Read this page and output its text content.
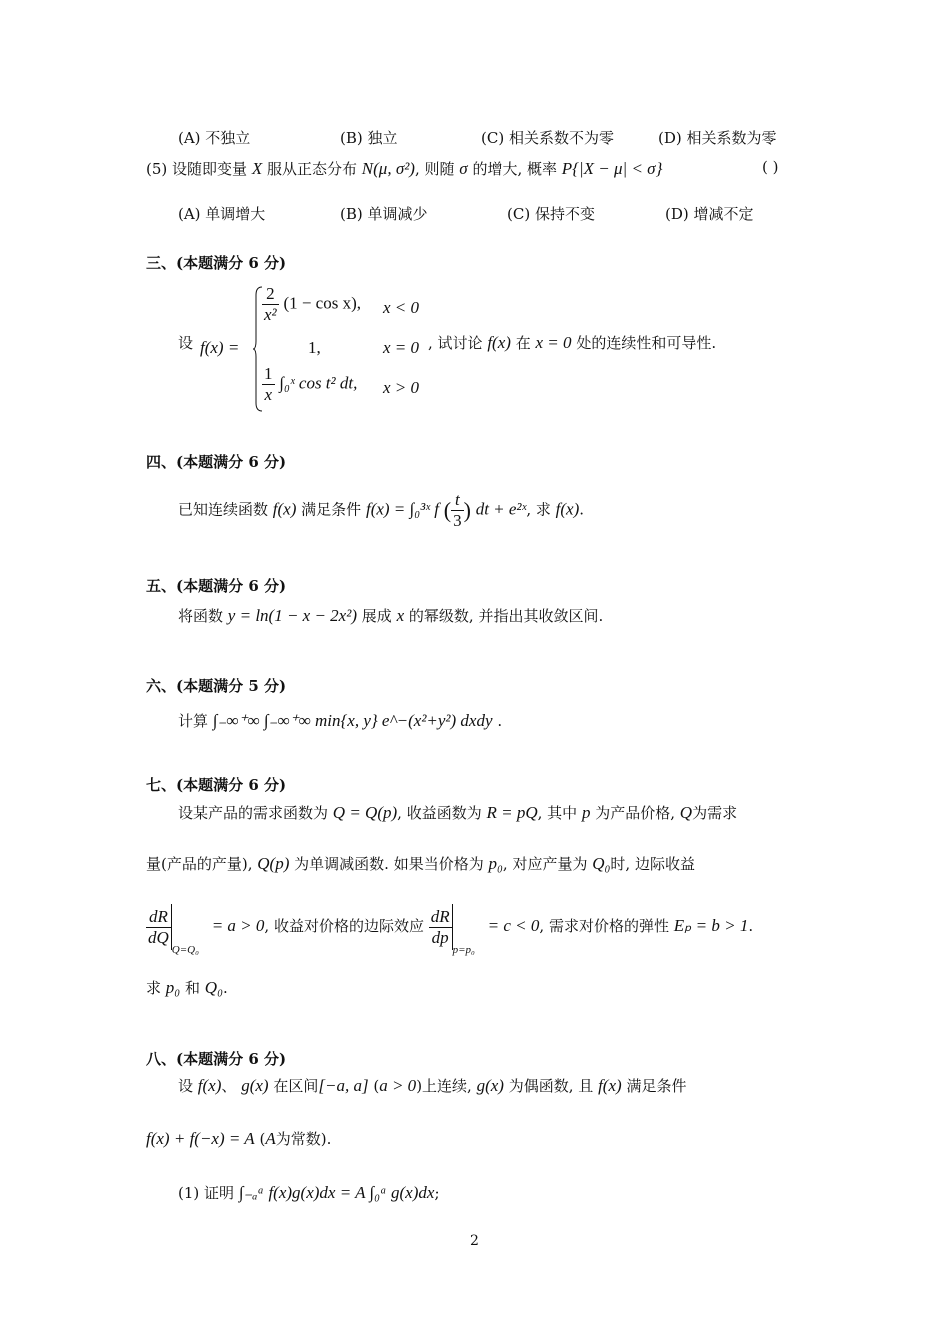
(A) 不独立	(B) 独立	(C) 相关系数不为零	(D) 相关系数为零
(5) 设随即变量 X 服从正态分布 N(μ, σ²), 则随 σ 的增大, 概率 P{|X − μ| < σ}	( )
(A) 单调增大	(B) 单调减少	(C) 保持不变	(D) 增减不定
三、(本题满分 6 分)
设 f(x) =
$\frac{2}{\text{x²}} (1 - \cos x)$, x < 0
1,	x = 0
$\frac{1}{x}$ ∫₀ˣ cos t² dt, x > 0
, 试讨论 f(x) 在 x = 0 处的连续性和可导性.
四、(本题满分 6 分)
已知连续函数 f(x) 满足条件 f(x) = ∫₀³ˣ f ( $\frac{t}{3}$ ) dt + e²ˣ, 求 f(x).
五、(本题满分 6 分)
将函数 y = ln(1 − x − 2x²) 展成 x 的幂级数, 并指出其收敛区间.
六、(本题满分 5 分)
计算 ∫₋∞⁺∞ ∫₋∞⁺∞ min{x, y} e^−(x²+y²) dxdy .
七、(本题满分 6 分)
设某产品的需求函数为 Q = Q(p), 收益函数为 R = pQ, 其中 p 为产品价格, Q为需求
量(产品的产量), Q(p) 为单调减函数. 如果当价格为 p₀, 对应产量为 Q₀时, 边际收益
$\frac{dR}{dQ}$
$_{Q=Q_0}$ = a > 0, 收益对价格的边际效应 $\frac{dR}{dp}$
$_{p=p_0}$ = c < 0, 需求对价格的弹性 Eₚ = b > 1.
求 p₀ 和 Q₀.
八、(本题满分 6 分)
设 f(x)、 g(x) 在区间[−a, a] (a > 0)上连续, g(x) 为偶函数, 且 f(x) 满足条件
f(x) + f(−x) = A (A为常数).
(1) 证明 ∫₋ₐᵃ f(x)g(x)dx = A ∫₀ᵃ g(x)dx;
2
